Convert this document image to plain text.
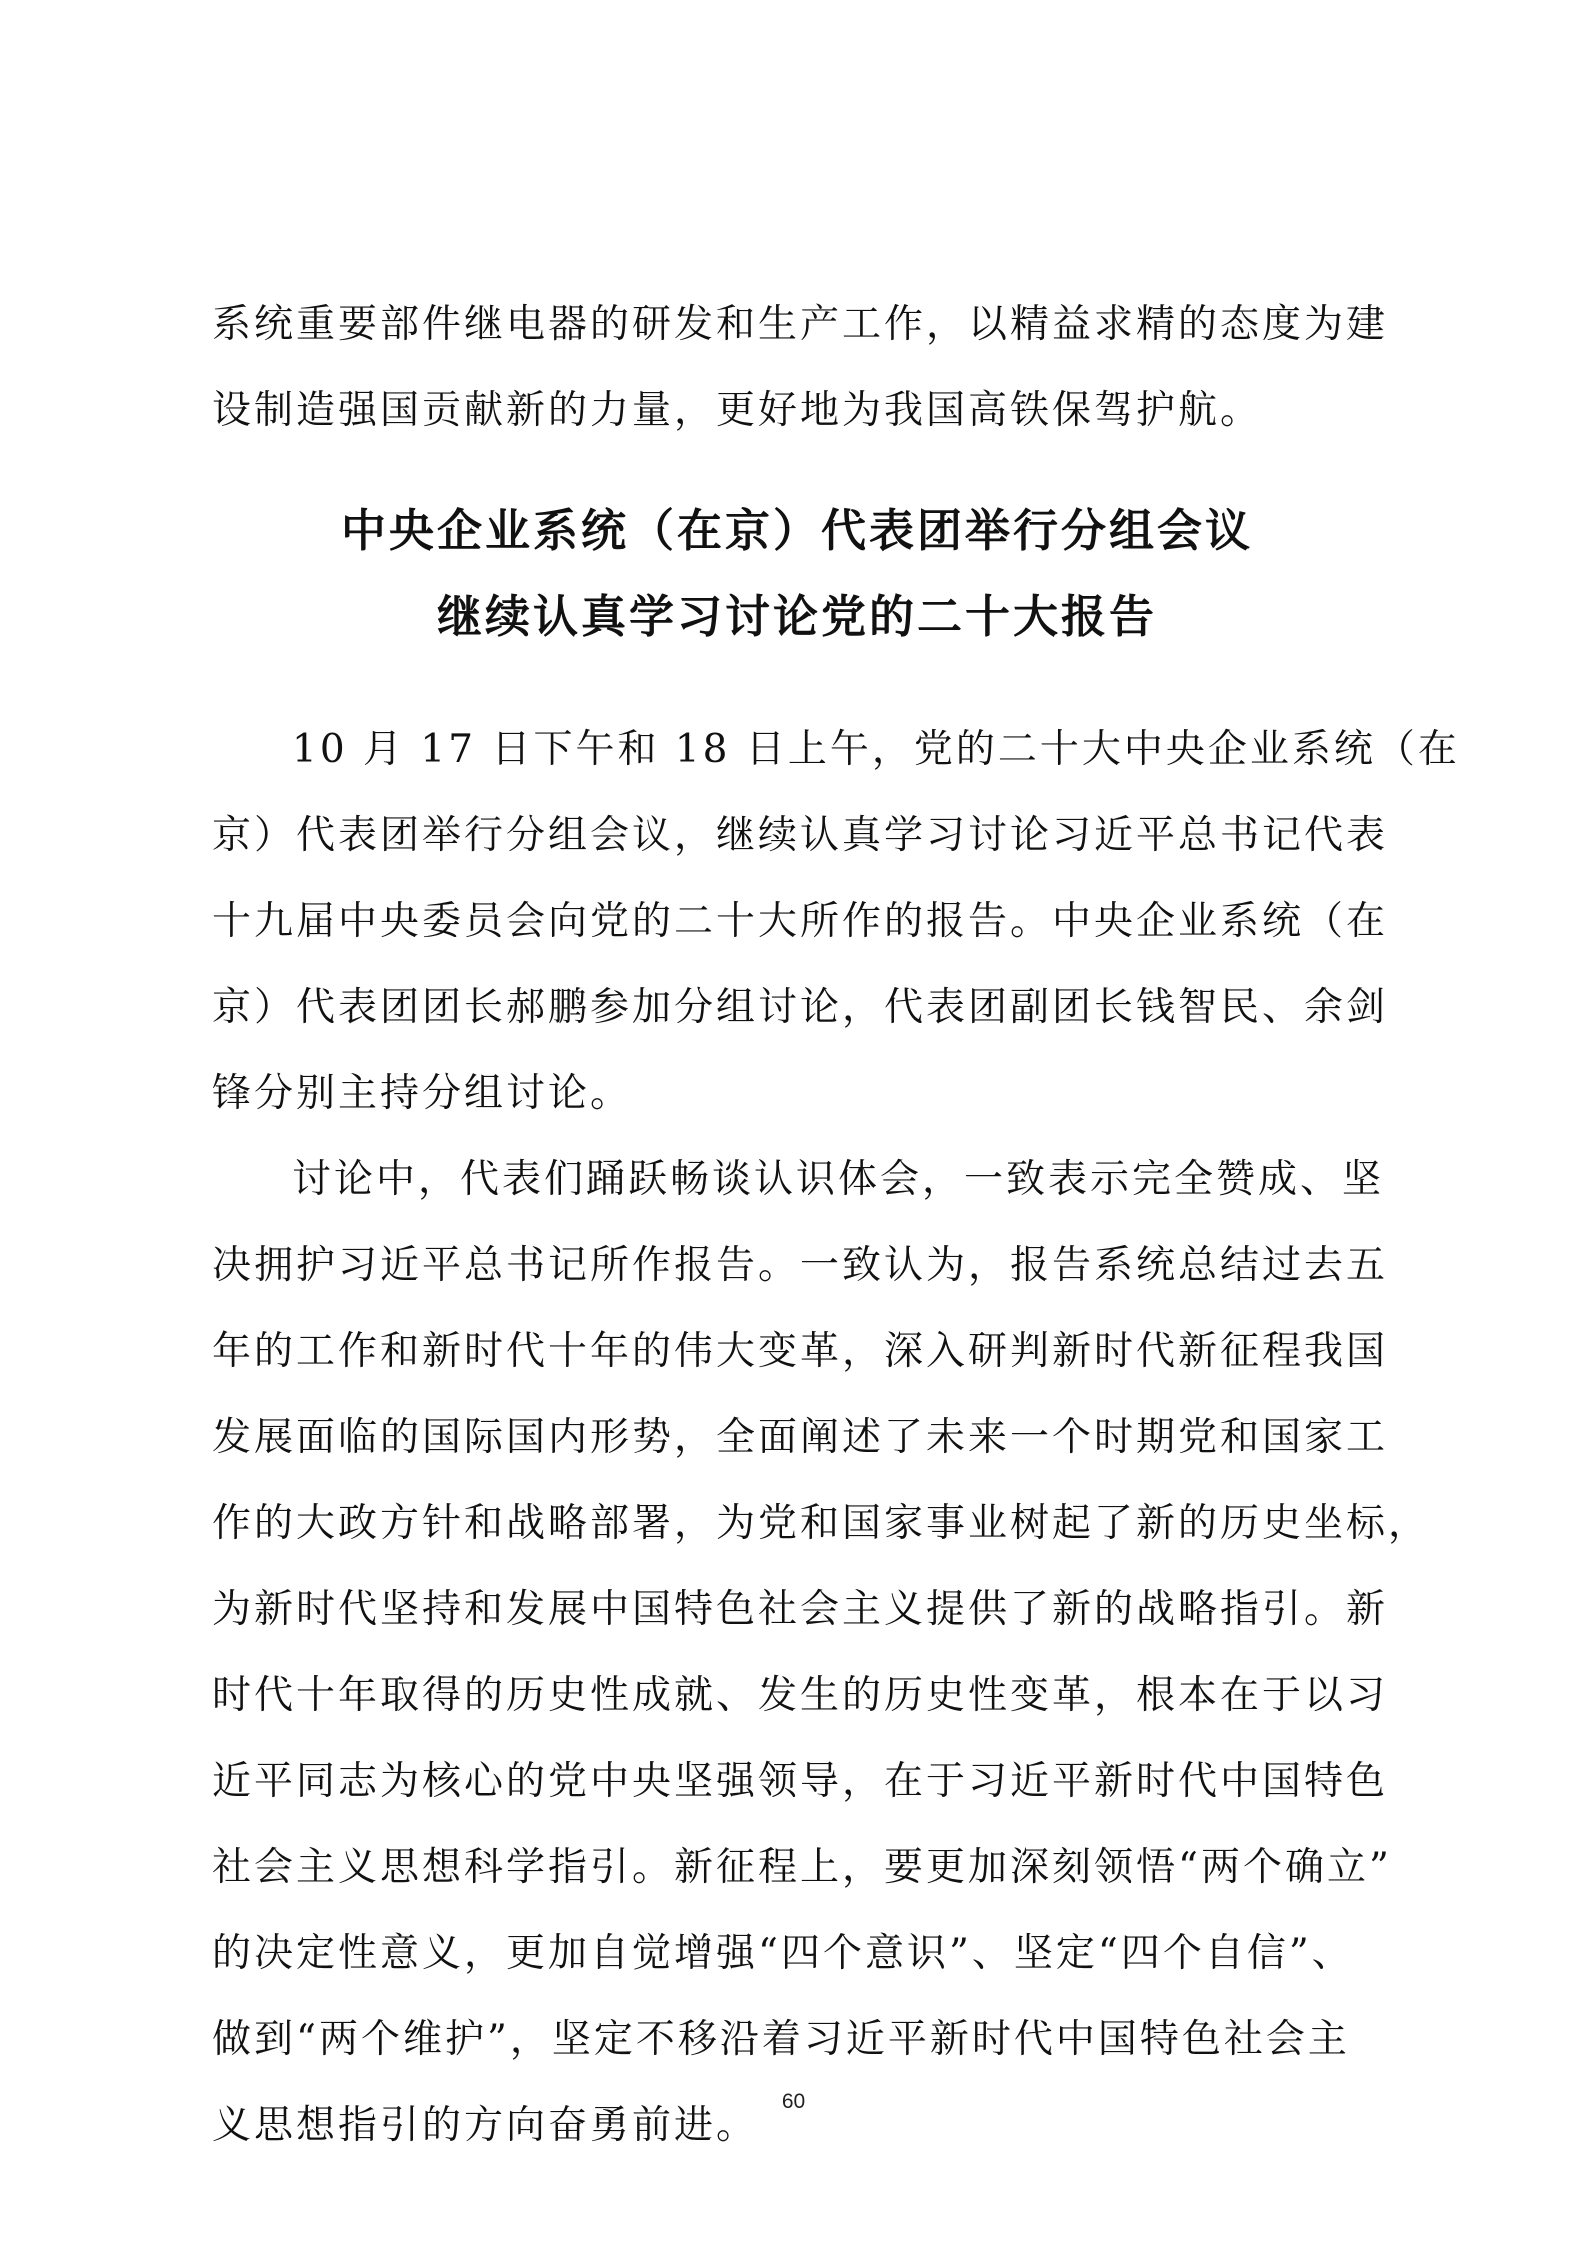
系统重要部件继电器的研发和生产工作，以精益求精的态度为建
设制造强国贡献新的力量，更好地为我国高铁保驾护航。
中央企业系统（在京）代表团举行分组会议
继续认真学习讨论党的二十大报告
10 月 17 日下午和 18 日上午，党的二十大中央企业系统（在
京）代表团举行分组会议，继续认真学习讨论习近平总书记代表
十九届中央委员会向党的二十大所作的报告。中央企业系统（在
京）代表团团长郝鹏参加分组讨论，代表团副团长钱智民、余剑
锋分别主持分组讨论。
讨论中，代表们踊跃畅谈认识体会，一致表示完全赞成、坚
决拥护习近平总书记所作报告。一致认为，报告系统总结过去五
年的工作和新时代十年的伟大变革，深入研判新时代新征程我国
发展面临的国际国内形势，全面阐述了未来一个时期党和国家工
作的大政方针和战略部署，为党和国家事业树起了新的历史坐标，
为新时代坚持和发展中国特色社会主义提供了新的战略指引。新
时代十年取得的历史性成就、发生的历史性变革，根本在于以习
近平同志为核心的党中央坚强领导，在于习近平新时代中国特色
社会主义思想科学指引。新征程上，要更加深刻领悟“两个确立”
的决定性意义，更加自觉增强“四个意识”、坚定“四个自信”、
做到“两个维护”，坚定不移沿着习近平新时代中国特色社会主
义思想指引的方向奋勇前进。
60
